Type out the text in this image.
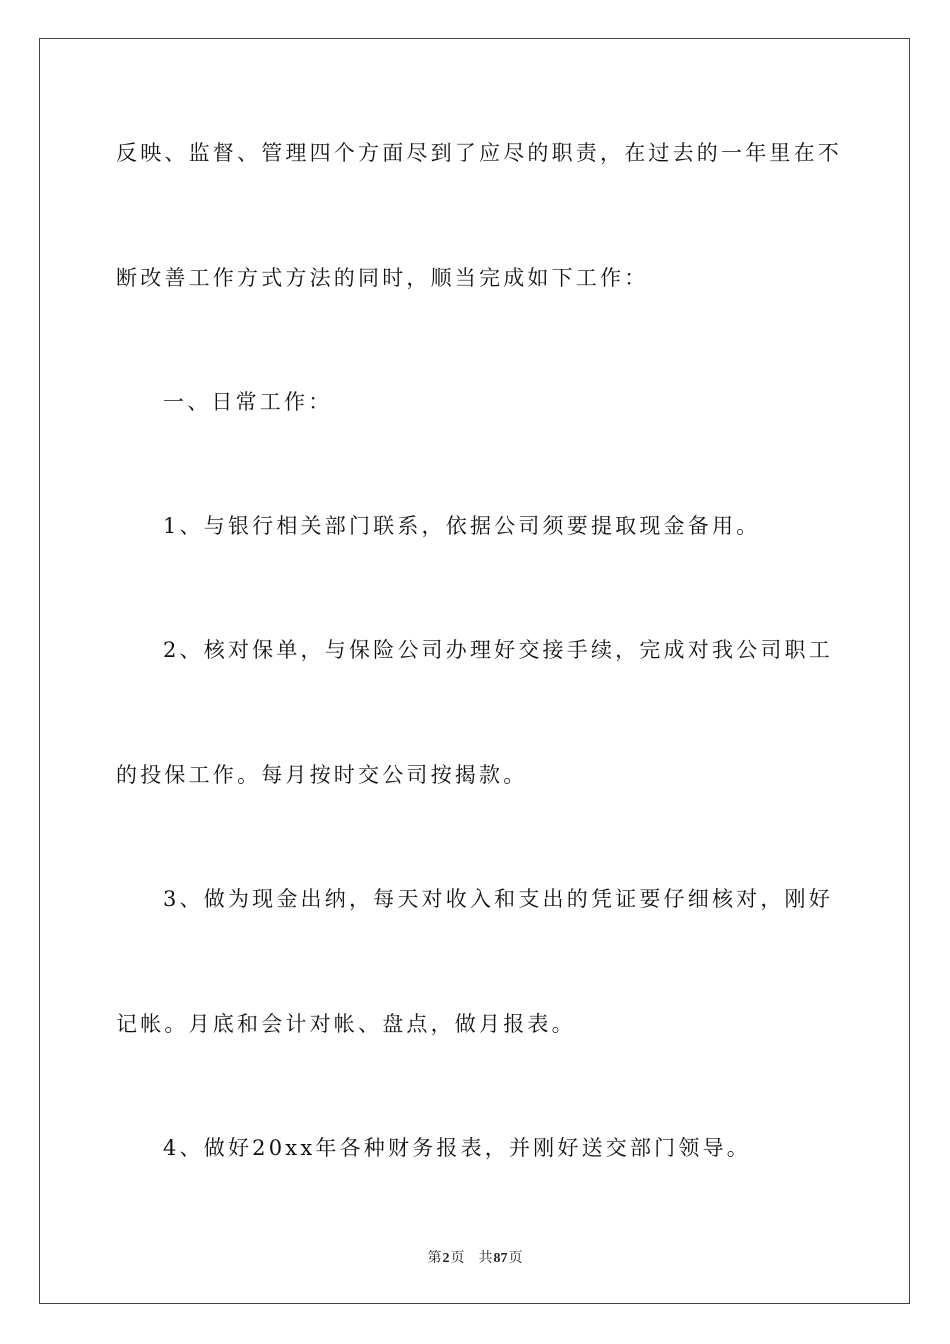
反映、监督、管理四个方面尽到了应尽的职责，在过去的一年里在不
断改善工作方式方法的同时，顺当完成如下工作：
一、日常工作：
1、与银行相关部门联系，依据公司须要提取现金备用。
2、核对保单，与保险公司办理好交接手续，完成对我公司职工
的投保工作。每月按时交公司按揭款。
3、做为现金出纳，每天对收入和支出的凭证要仔细核对，刚好
记帐。月底和会计对帐、盘点，做月报表。
4、做好20xx年各种财务报表，并刚好送交部门领导。
第2页 共87页
